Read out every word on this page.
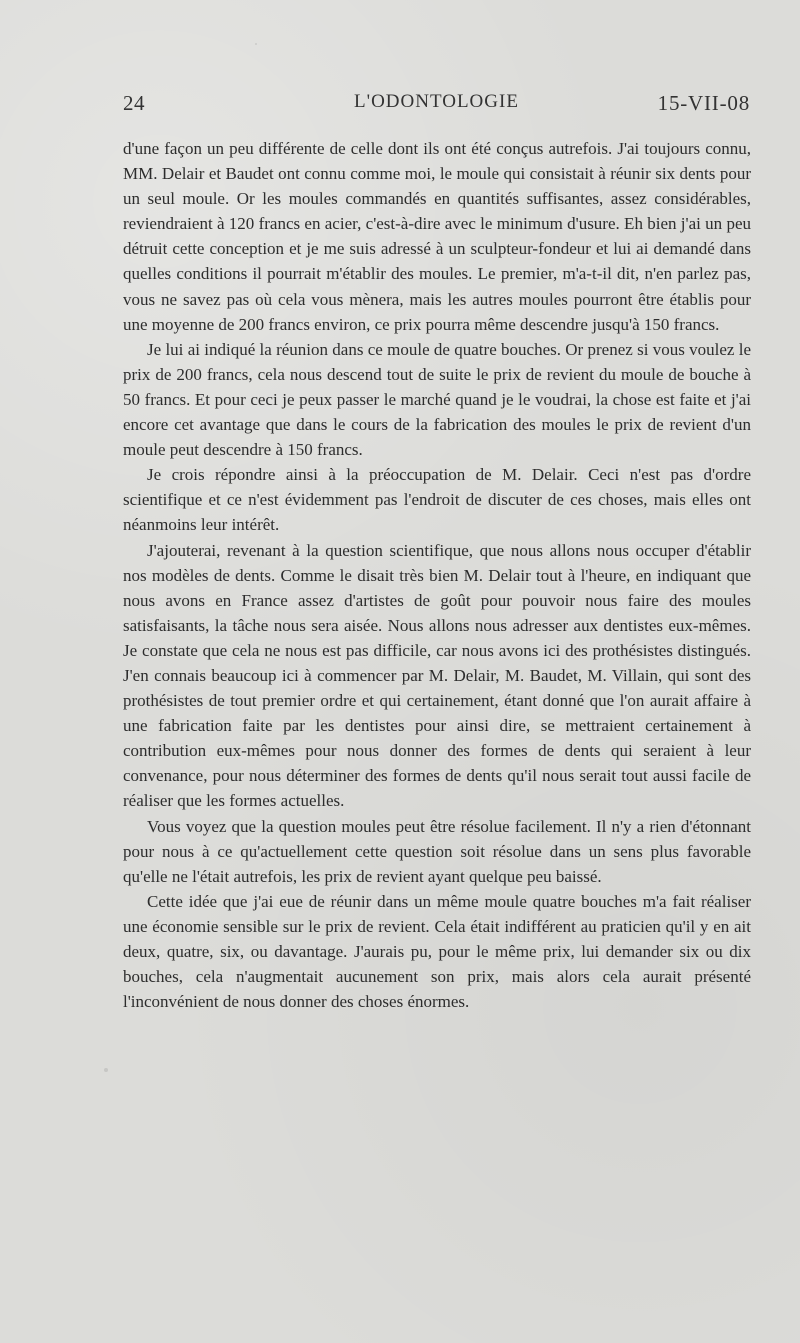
24	L'ODONTOLOGIE	15-VII-08

d'une façon un peu différente de celle dont ils ont été conçus autrefois. J'ai toujours connu, MM. Delair et Baudet ont connu comme moi, le moule qui consistait à réunir six dents pour un seul moule. Or les moules commandés en quantités suffisantes, assez considérables, reviendraient à 120 francs en acier, c'est-à-dire avec le minimum d'usure. Eh bien j'ai un peu détruit cette conception et je me suis adressé à un sculpteur-fondeur et lui ai demandé dans quelles conditions il pourrait m'établir des moules. Le premier, m'a-t-il dit, n'en parlez pas, vous ne savez pas où cela vous mènera, mais les autres moules pourront être établis pour une moyenne de 200 francs environ, ce prix pourra même descendre jusqu'à 150 francs.

Je lui ai indiqué la réunion dans ce moule de quatre bouches. Or prenez si vous voulez le prix de 200 francs, cela nous descend tout de suite le prix de revient du moule de bouche à 50 francs. Et pour ceci je peux passer le marché quand je le voudrai, la chose est faite et j'ai encore cet avantage que dans le cours de la fabrication des moules le prix de revient d'un moule peut descendre à 150 francs.

Je crois répondre ainsi à la préoccupation de M. Delair. Ceci n'est pas d'ordre scientifique et ce n'est évidemment pas l'endroit de discuter de ces choses, mais elles ont néanmoins leur intérêt.

J'ajouterai, revenant à la question scientifique, que nous allons nous occuper d'établir nos modèles de dents. Comme le disait très bien M. Delair tout à l'heure, en indiquant que nous avons en France assez d'artistes de goût pour pouvoir nous faire des moules satisfaisants, la tâche nous sera aisée. Nous allons nous adresser aux dentistes eux-mêmes. Je constate que cela ne nous est pas difficile, car nous avons ici des prothésistes distingués. J'en connais beaucoup ici à commencer par M. Delair, M. Baudet, M. Villain, qui sont des prothésistes de tout premier ordre et qui certainement, étant donné que l'on aurait affaire à une fabrication faite par les dentistes pour ainsi dire, se mettraient certainement à contribution eux-mêmes pour nous donner des formes de dents qui seraient à leur convenance, pour nous déterminer des formes de dents qu'il nous serait tout aussi facile de réaliser que les formes actuelles.

Vous voyez que la question moules peut être résolue facilement. Il n'y a rien d'étonnant pour nous à ce qu'actuellement cette question soit résolue dans un sens plus favorable qu'elle ne l'était autrefois, les prix de revient ayant quelque peu baissé.

Cette idée que j'ai eue de réunir dans un même moule quatre bouches m'a fait réaliser une économie sensible sur le prix de revient. Cela était indifférent au praticien qu'il y en ait deux, quatre, six, ou davantage. J'aurais pu, pour le même prix, lui demander six ou dix bouches, cela n'augmentait aucunement son prix, mais alors cela aurait présenté l'inconvénient de nous donner des choses énormes.
